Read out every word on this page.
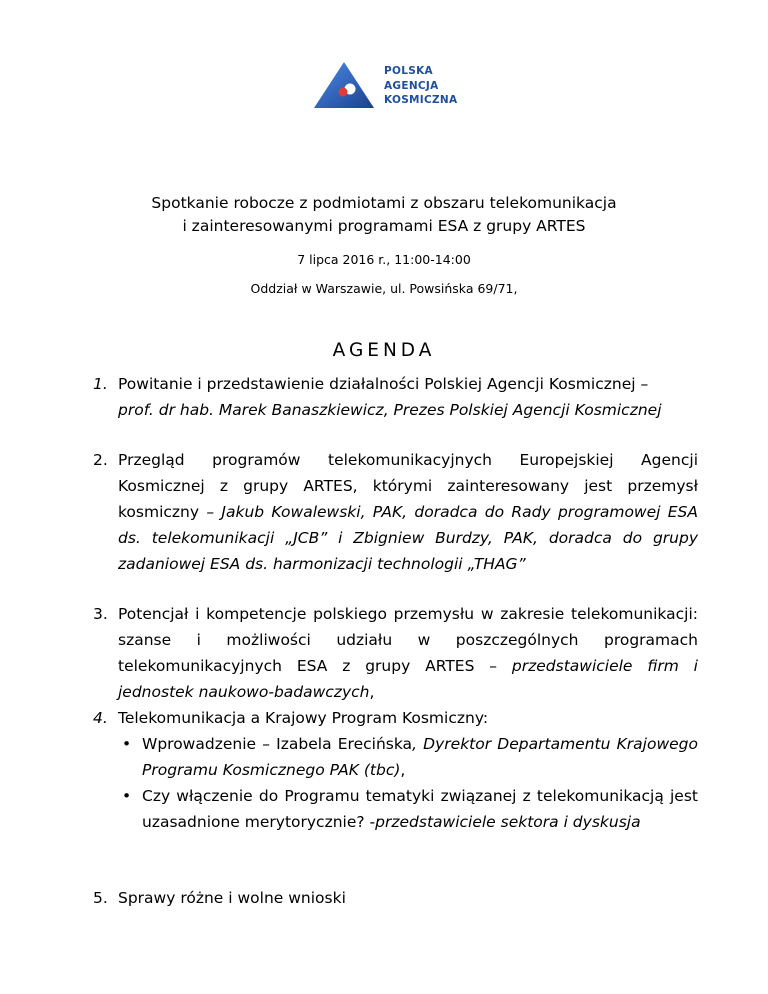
POLSKA
AGENCJA
KOSMICZNA
Spotkanie robocze z podmiotami z obszaru telekomunikacja
i zainteresowanymi programami ESA z grupy ARTES
7 lipca 2016 r., 11:00-14:00
Oddział w Warszawie, ul. Powsińska 69/71,
AGENDA
1. Powitanie i przedstawienie działalności Polskiej Agencji Kosmicznej –
prof. dr hab. Marek Banaszkiewicz, Prezes Polskiej Agencji Kosmicznej
2. Przegląd programów telekomunikacyjnych Europejskiej Agencji Kosmicznej z grupy ARTES, którymi zainteresowany jest przemysł kosmiczny – Jakub Kowalewski, PAK, doradca do Rady programowej ESA ds. telekomunikacji „JCB” i Zbigniew Burdzy, PAK, doradca do grupy zadaniowej ESA ds. harmonizacji technologii „THAG”
3. Potencjał i kompetencje polskiego przemysłu w zakresie telekomunikacji: szanse i możliwości udziału w poszczególnych programach telekomunikacyjnych ESA z grupy ARTES – przedstawiciele firm i jednostek naukowo-badawczych,
4. Telekomunikacja a Krajowy Program Kosmiczny:
• Wprowadzenie – Izabela Erecińska, Dyrektor Departamentu Krajowego Programu Kosmicznego PAK (tbc),
• Czy włączenie do Programu tematyki związanej z telekomunikacją jest uzasadnione merytorycznie? -przedstawiciele sektora i dyskusja
5. Sprawy różne i wolne wnioski
